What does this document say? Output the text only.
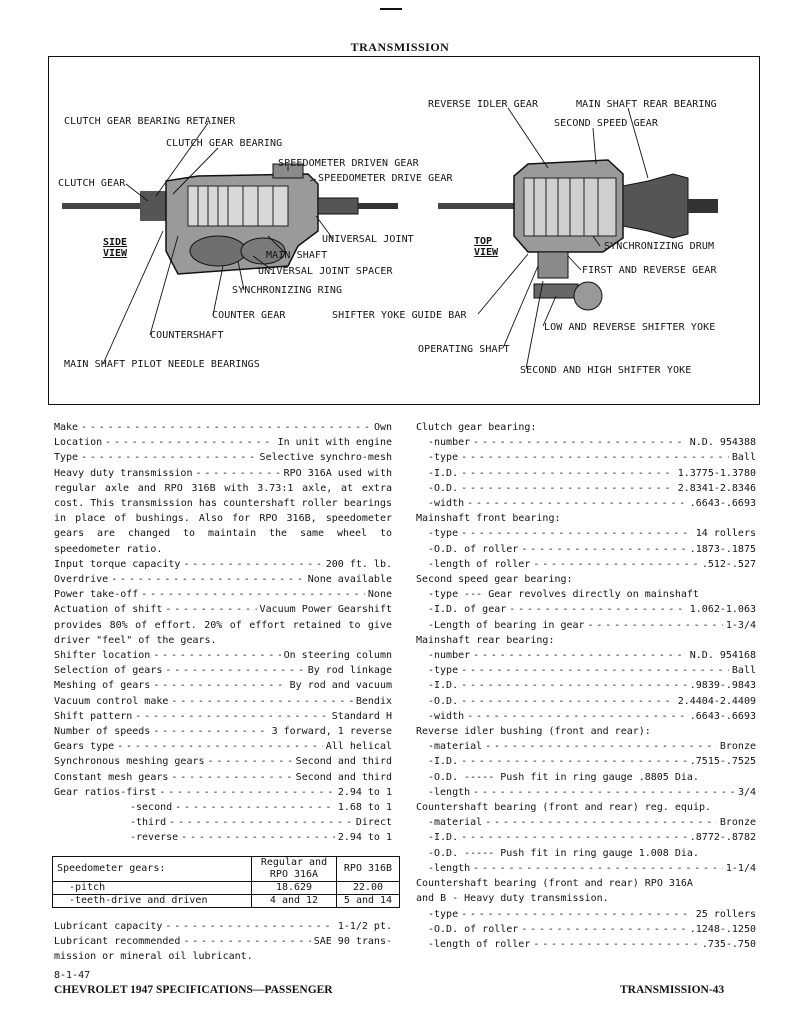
TRANSMISSION
CLUTCH GEAR BEARING RETAINER
CLUTCH GEAR BEARING
SPEEDOMETER DRIVEN GEAR
SPEEDOMETER DRIVE GEAR
CLUTCH GEAR
SIDE VIEW
UNIVERSAL JOINT
MAIN SHAFT
UNIVERSAL JOINT SPACER
SYNCHRONIZING RING
COUNTER GEAR
COUNTERSHAFT
MAIN SHAFT PILOT NEEDLE BEARINGS
REVERSE IDLER GEAR	MAIN SHAFT REAR BEARING
SECOND SPEED GEAR
TOP VIEW
SYNCHRONIZING DRUM
FIRST AND REVERSE GEAR
SHIFTER YOKE GUIDE BAR
LOW AND REVERSE SHIFTER YOKE
OPERATING SHAFT
SECOND AND HIGH SHIFTER YOKE
Make - - -	Own
Location - - -	In unit with engine
Type - - -	Selective synchro-mesh
Heavy duty transmission - - -	RPO 316A used with
regular axle and RPO 316B with 3.73:1 axle, at extra cost. This transmission has countershaft roller bearings in place of bushings. Also for RPO 316B, speedometer gears are changed to maintain the same wheel to speedometer ratio.
Input torque capacity - - -	200 ft. lb.
Overdrive - - -	None available
Power take-off - - -	None
Actuation of shift - - -	Vacuum Power Gearshift
provides 80% of effort. 20% of effort retained to give driver "feel" of the gears.
Shifter location - - -	On steering column
Selection of gears - - -	By rod linkage
Meshing of gears - - -	By rod and vacuum
Vacuum control make - - -	Bendix
Shift pattern - - -	Standard H
Number of speeds - - -	3 forward, 1 reverse
Gears type - - -	All helical
Synchronous meshing gears - - -	Second and third
Constant mesh gears - - -	Second and third
Gear ratios-first - - -	2.94 to 1
-second - - -	1.68 to 1
-third - - -	Direct
-reverse - - -	2.94 to 1
Speedometer gears:	Regular and RPO 316A	RPO 316B
-pitch	18.629	22.00
-teeth-drive and driven	4 and 12	5 and 14
Lubricant capacity - - -	1-1/2 pt.
Lubricant recommended - - -	SAE 90 trans-
mission or mineral oil lubricant.
Clutch gear bearing:
-number - - -	N.D. 954388
-type - - -	Ball
-I.D. - - -	1.3775-1.3780
-O.D. - - -	2.8341-2.8346
-width - - -	.6643-.6693
Mainshaft front bearing:
-type - - -	14 rollers
-O.D. of roller - - -	.1873-.1875
-length of roller - - -	.512-.527
Second speed gear bearing:
-type --- Gear revolves directly on mainshaft
-I.D. of gear - - -	1.062-1.063
-Length of bearing in gear - - -	1-3/4
Mainshaft rear bearing:
-number - - -	N.D. 954168
-type - - -	Ball
-I.D. - - -	.9839-.9843
-O.D. - - -	2.4404-2.4409
-width - - -	.6643-.6693
Reverse idler bushing (front and rear):
-material - - -	Bronze
-I.D. - - -	.7515-.7525
-O.D. ----- Push fit in ring gauge .8805 Dia.
-length - - -	3/4
Countershaft bearing (front and rear) reg. equip.
-material - - -	Bronze
-I.D. - - -	.8772-.8782
-O.D. ----- Push fit in ring gauge 1.008 Dia.
-length - - -	1-1/4
Countershaft bearing (front and rear) RPO 316A
and B - Heavy duty transmission.
-type - - -	25 rollers
-O.D. of roller - - -	.1248-.1250
-length of roller - - -	.735-.750
8-1-47
CHEVROLET 1947 SPECIFICATIONS—PASSENGER	TRANSMISSION-43
